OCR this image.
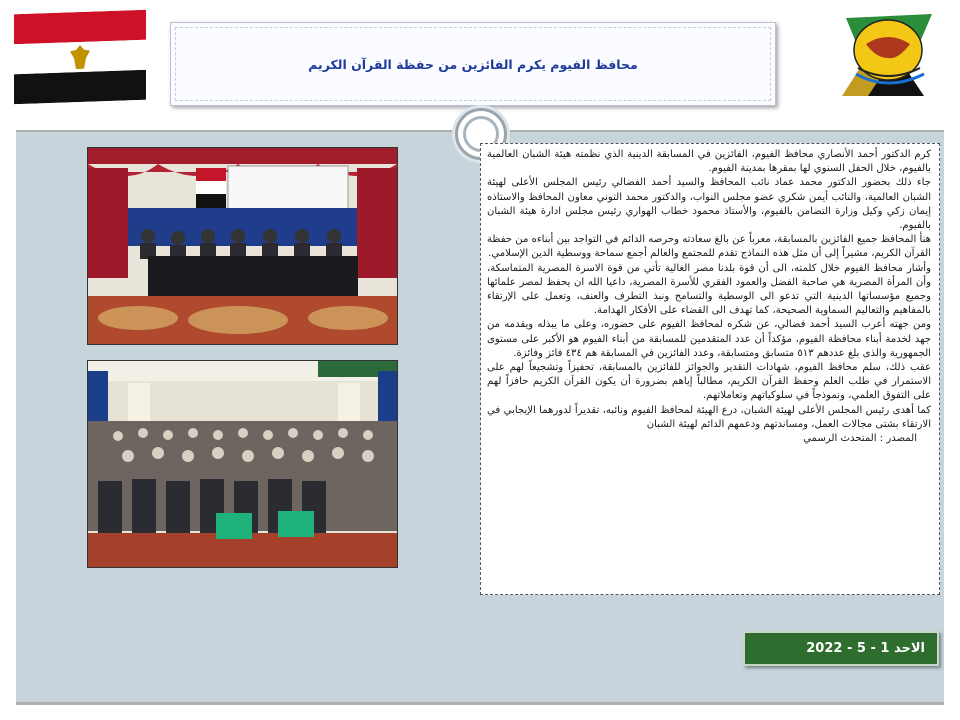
محافظ الفيوم يكرم الفائزين من حفظة القرآن الكريم

كرم الدكتور أحمد الأنصاري محافظ الفيوم، الفائزين في المسابقة الدينية الذي نظمته هيئة الشبان العالمية بالفيوم، خلال الحفل السنوي لها بمقرها بمدينة الفيوم.

جاء ذلك بحضور الدكتور محمد عماد نائب المحافظ والسيد أحمد الفضالي رئيس المجلس الأعلى لهيئة الشبان العالمية، والنائب أيمن شكري عضو مجلس النواب، والدكتور محمد التوني معاون المحافظ والاستاذه إيمان زكي وكيل وزارة التضامن بالفيوم، والأستاذ محمود خطاب الهواري رئيس مجلس ادارة هيئة الشبان بالفيوم.

هنأ المحافظ جميع الفائزين بالمسابقة، معرباً عن بالغ سعادته وحرصه الدائم في التواجد بين أبناءه من حفظة القرآن الكريم، مشيراً إلى أن مثل هذه النماذج تقدم للمجتمع والعالم أجمع سماحة ووسطية الدين الإسلامي.

وأشار محافظ الفيوم خلال كلمته، الى أن قوة بلدنا مصر الغالية تأتي من قوة الاسرة المصرية المتماسكة، وأن المرأة المصرية هي صاحبة الفضل والعمود الفقري للأسرة المصرية، داعيا الله ان يحفظ لمصر علمائها وجميع مؤسساتها الدينية التي تدعو الى الوسطية والتسامح ونبذ التطرف والعنف، وتعمل على الإرتقاء بالمفاهيم والتعاليم السماوية الصحيحة، كما تهدف الى القضاء على الأفكار الهدامة.

ومن جهته أعرب السيد أحمد فضالي، عن شكره لمحافظ الفيوم على حضوره، وعلى ما يبذله ويقدمه من جهد لخدمة أبناء محافظة الفيوم، مؤكداً أن عدد المتقدمين للمسابقة من أبناء الفيوم هو الأكبر على مستوى الجمهورية والذى بلغ عددهم ٥١٣ متسابق ومتسابقة، وعدد الفائزين في المسابقة هم ٤٣٤ فائز وفائزة.

عقب ذلك، سلم محافظ الفيوم، شهادات التقدير والجوائز للفائزين بالمسابقة، تحفيزاً وتشجيعاً لهم على الاستمرار في طلب العلم وحفظ القرآن الكريم، مطالباً إياهم بضرورة أن يكون القرآن الكريم حافزاً لهم على التفوق العلمي، ونموذجاً في سلوكياتهم وتعاملاتهم.

كما أهدى رئيس المجلس الأعلى لهيئة الشبان، درع الهيئة لمحافظ الفيوم ونائبه، تقديراً لدورهما الإيجابي في الارتقاء بشتى مجالات العمل، ومساندتهم ودعمهم الدائم لهيئة الشبان

المصدر : المتحدث الرسمي

الاحد 1 - 5 - 2022
